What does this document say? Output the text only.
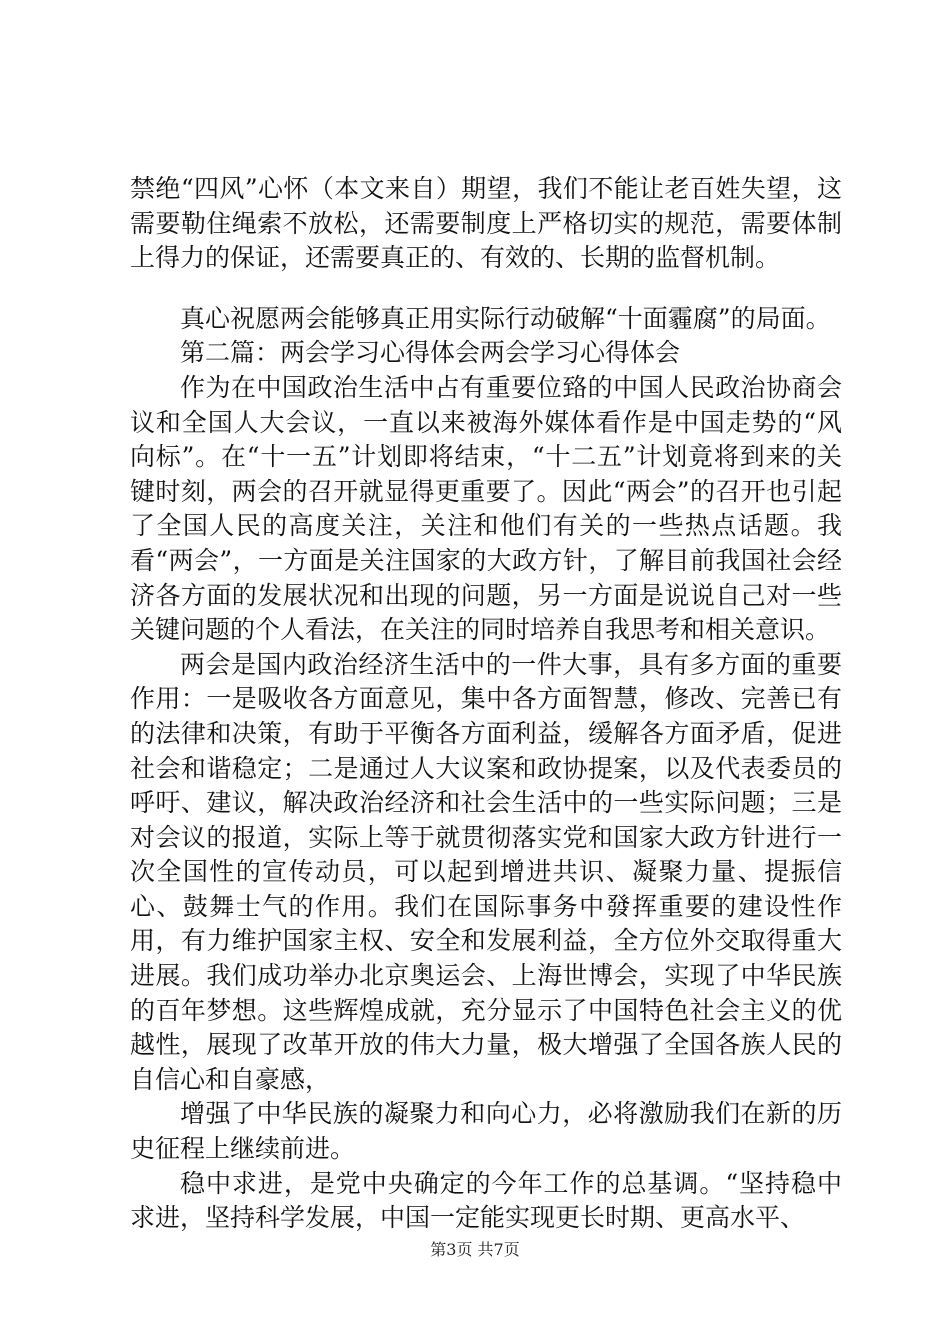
禁绝“四风”心怀（本文来自）期望，我们不能让老百姓失望，这需要勒住绳索不放松，还需要制度上严格切实的规范，需要体制上得力的保证，还需要真正的、有效的、长期的监督机制。

真心祝愿两会能够真正用实际行动破解“十面霾腐”的局面。

第二篇：两会学习心得体会两会学习心得体会

作为在中国政治生活中占有重要位臵的中国人民政治协商会议和全国人大会议，一直以来被海外媒体看作是中国走势的“风向标”。在“十一五”计划即将结束，“十二五”计划竟将到来的关键时刻，两会的召开就显得更重要了。因此“两会”的召开也引起了全国人民的高度关注，关注和他们有关的一些热点话题。我看“两会”，一方面是关注国家的大政方针，了解目前我国社会经济各方面的发展状况和出现的问题，另一方面是说说自己对一些关键问题的个人看法，在关注的同时培养自我思考和相关意识。

两会是国内政治经济生活中的一件大事，具有多方面的重要作用：一是吸收各方面意见，集中各方面智慧，修改、完善已有的法律和决策，有助于平衡各方面利益，缓解各方面矛盾，促进社会和谐稳定；二是通过人大议案和政协提案，以及代表委员的呼吁、建议，解决政治经济和社会生活中的一些实际问题；三是对会议的报道，实际上等于就贯彻落实党和国家大政方针进行一次全国性的宣传动员，可以起到增进共识、凝聚力量、提振信心、鼓舞士气的作用。我们在国际事务中發挥重要的建设性作用，有力维护国家主权、安全和发展利益，全方位外交取得重大进展。我们成功举办北京奥运会、上海世博会，实现了中华民族的百年梦想。这些辉煌成就，充分显示了中国特色社会主义的优越性，展现了改革开放的伟大力量，极大增强了全国各族人民的自信心和自豪感，

增强了中华民族的凝聚力和向心力，必将激励我们在新的历史征程上继续前进。

稳中求进，是党中央确定的今年工作的总基调。“坚持稳中求进，坚持科学发展，中国一定能实现更长时期、更高水平、

第3页 共7页
